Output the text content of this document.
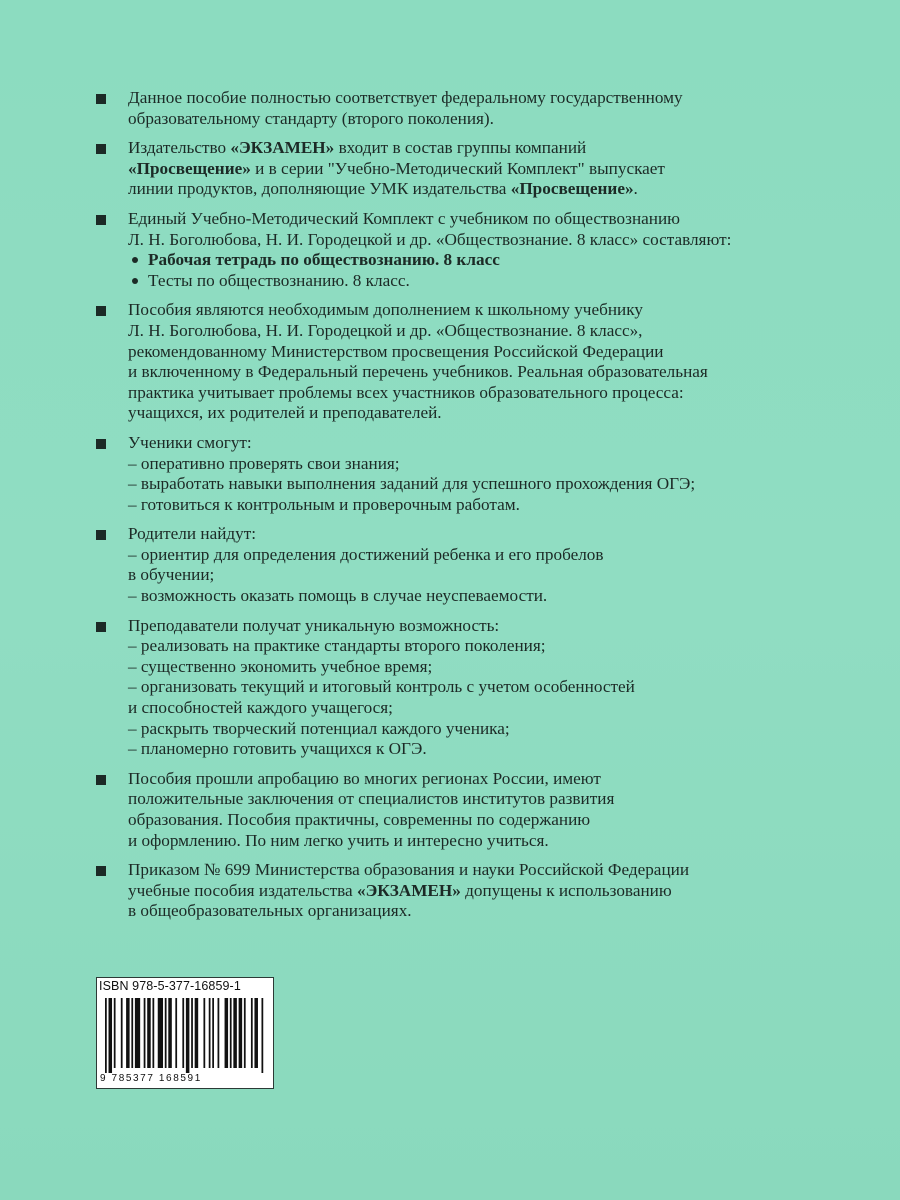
Данное пособие полностью соответствует федеральному государственному
образовательному стандарту (второго поколения).
Издательство «ЭКЗАМЕН» входит в состав группы компаний
«Просвещение» и в серии "Учебно-Методический Комплект" выпускает
линии продуктов, дополняющие УМК издательства «Просвещение».
Единый Учебно-Методический Комплект с учебником по обществознанию
Л. Н. Боголюбова, Н. И. Городецкой и др. «Обществознание. 8 класс» составляют:
Рабочая тетрадь по обществознанию. 8 класс
Тесты по обществознанию. 8 класс.
Пособия являются необходимым дополнением к школьному учебнику
Л. Н. Боголюбова, Н. И. Городецкой и др. «Обществознание. 8 класс»,
рекомендованному Министерством просвещения Российской Федерации
и включенному в Федеральный перечень учебников. Реальная образовательная
практика учитывает проблемы всех участников образовательного процесса:
учащихся, их родителей и преподавателей.
Ученики смогут:
– оперативно проверять свои знания;
– выработать навыки выполнения заданий для успешного прохождения ОГЭ;
– готовиться к контрольным и проверочным работам.
Родители найдут:
– ориентир для определения достижений ребенка и его пробелов
в обучении;
– возможность оказать помощь в случае неуспеваемости.
Преподаватели получат уникальную возможность:
– реализовать на практике стандарты второго поколения;
– существенно экономить учебное время;
– организовать текущий и итоговый контроль с учетом особенностей
и способностей каждого учащегося;
– раскрыть творческий потенциал каждого ученика;
– планомерно готовить учащихся к ОГЭ.
Пособия прошли апробацию во многих регионах России, имеют
положительные заключения от специалистов институтов развития
образования. Пособия практичны, современны по содержанию
и оформлению. По ним легко учить и интересно учиться.
Приказом № 699 Министерства образования и науки Российской Федерации
учебные пособия издательства «ЭКЗАМЕН» допущены к использованию
в общеобразовательных организациях.
ISBN 978-5-377-16859-1
9 785377 168591
